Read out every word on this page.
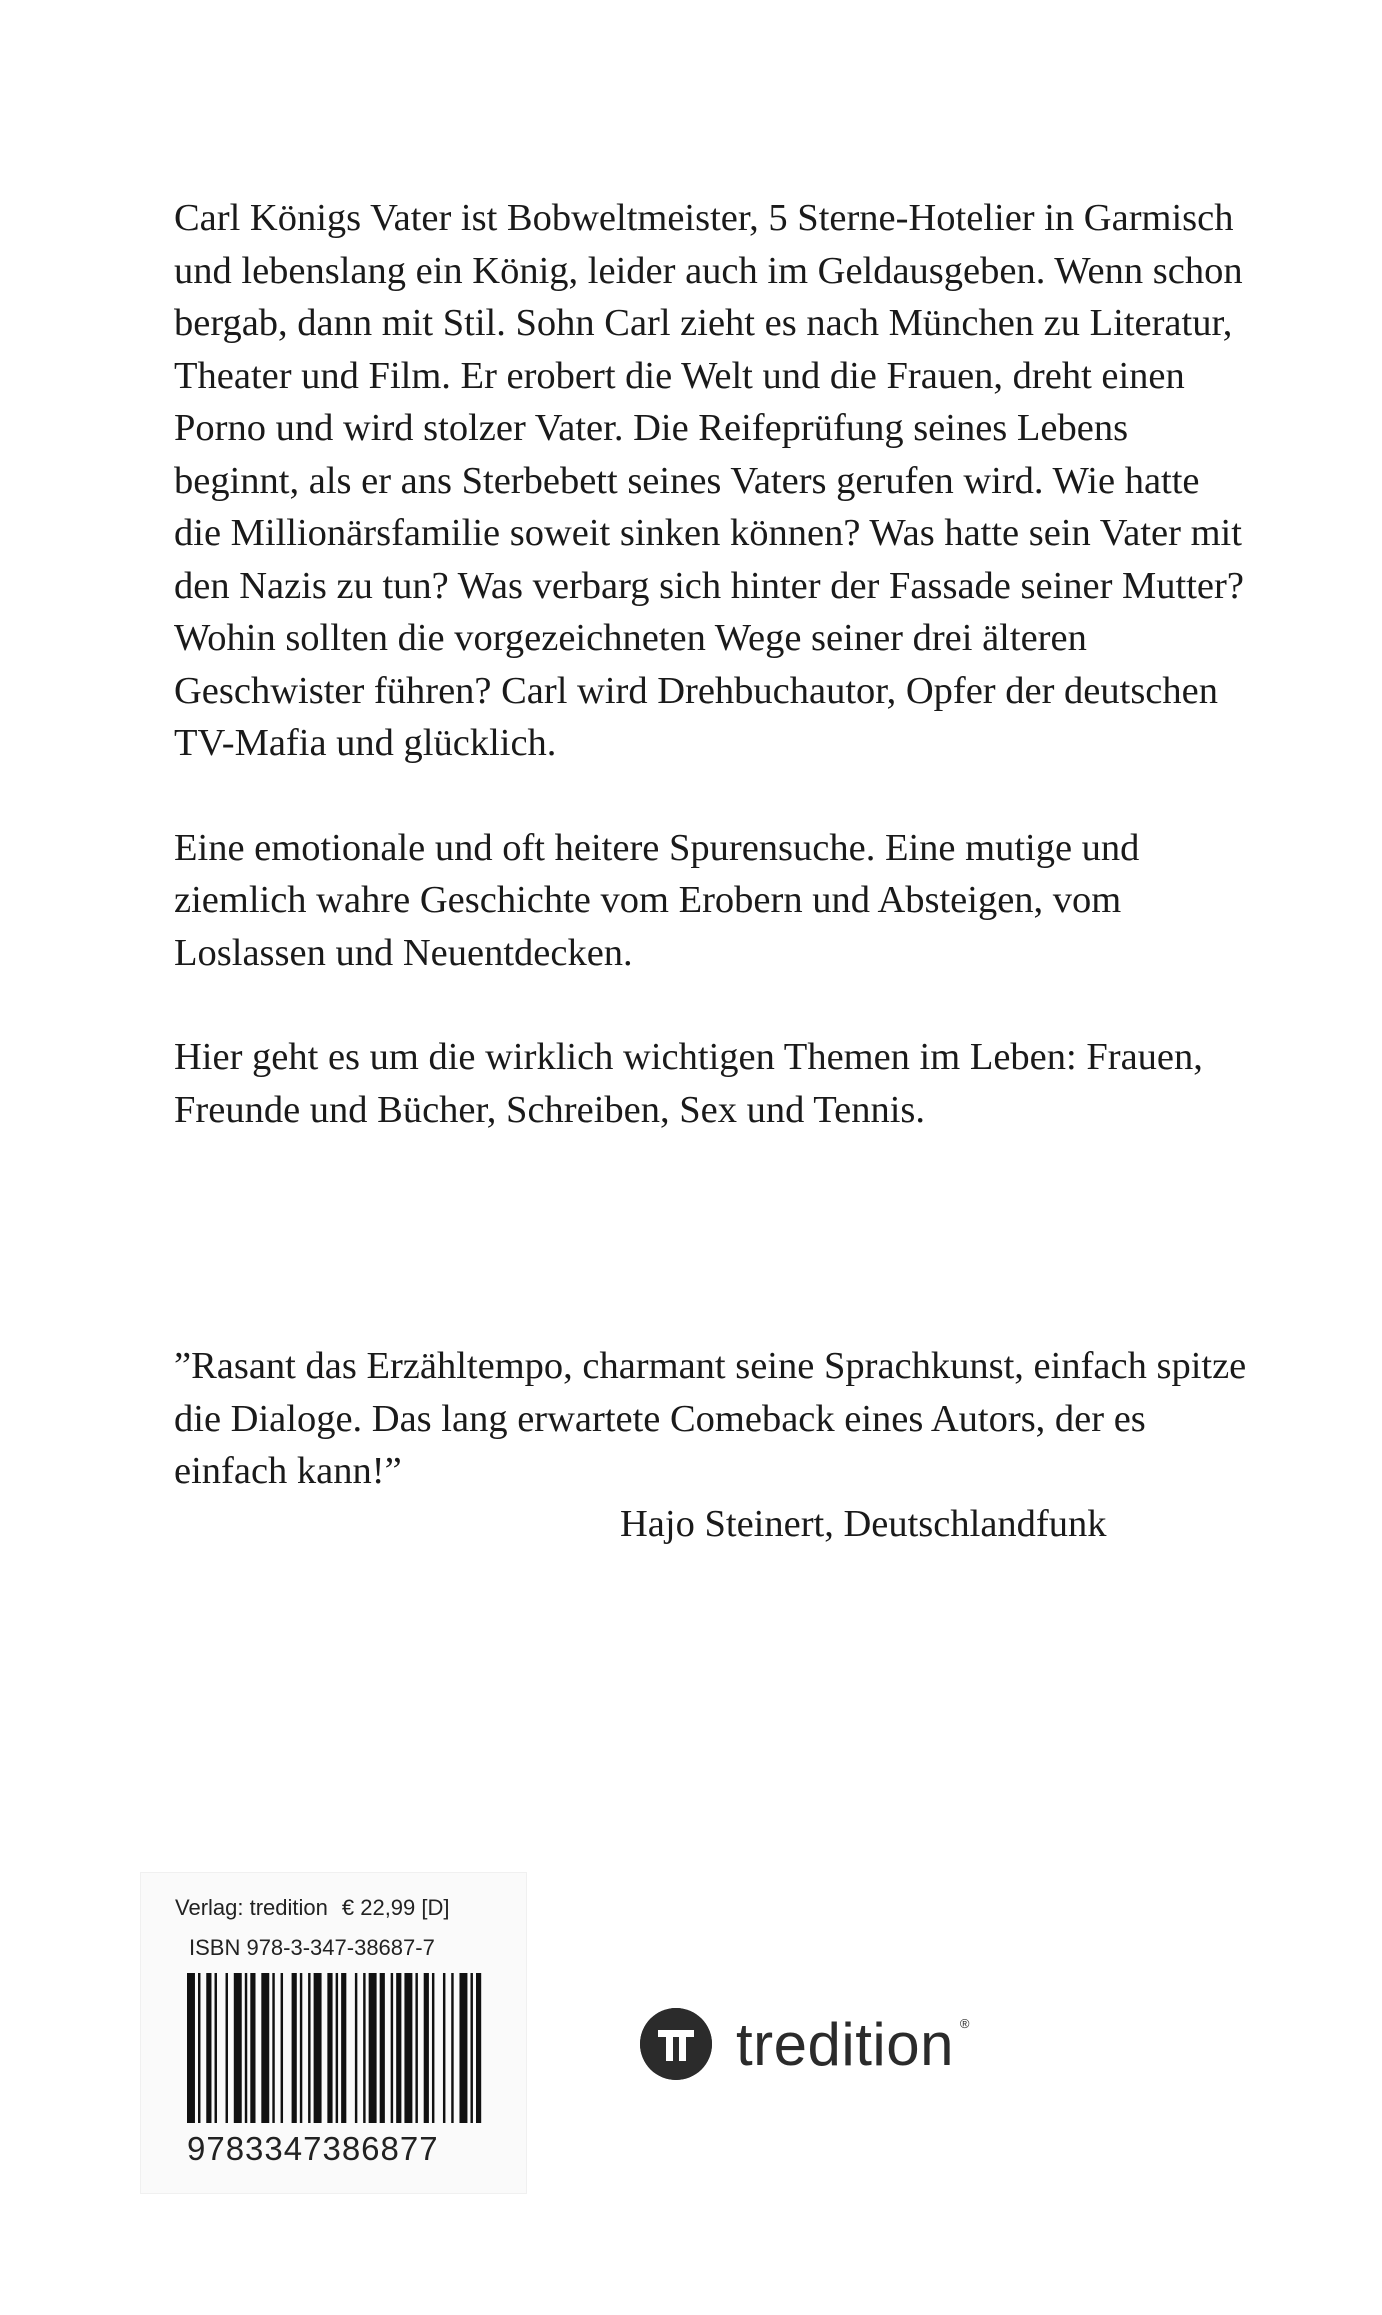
Carl Königs Vater ist Bobweltmeister, 5 Sterne-Hotelier in Garmisch und lebenslang ein König, leider auch im Geldausgeben. Wenn schon bergab, dann mit Stil. Sohn Carl zieht es nach München zu Literatur, Theater und Film. Er erobert die Welt und die Frauen, dreht einen Porno und wird stolzer Vater. Die Reifeprüfung seines Lebens beginnt, als er ans Sterbebett seines Vaters gerufen wird. Wie hatte die Millionärsfamilie soweit sinken können? Was hatte sein Vater mit den Nazis zu tun? Was verbarg sich hinter der Fassade seiner Mutter? Wohin sollten die vorgezeichneten Wege seiner drei älteren Geschwister führen? Carl wird Drehbuchautor, Opfer der deutschen TV-Mafia und glücklich.

Eine emotionale und oft heitere Spurensuche. Eine mutige und ziemlich wahre Geschichte vom Erobern und Absteigen, vom Loslassen und Neuentdecken.

Hier geht es um die wirklich wichtigen Themen im Leben: Frauen, Freunde und Bücher, Schreiben, Sex und Tennis.

”Rasant das Erzähltempo, charmant seine Sprachkunst, einfach spitze die Dialoge. Das lang erwartete Comeback eines Autors, der es einfach kann!”

Hajo Steinert, Deutschlandfunk
Verlag: tredition € 22,99 [D]
ISBN 978-3-347-38687-7
9783347386877
tredition ®
